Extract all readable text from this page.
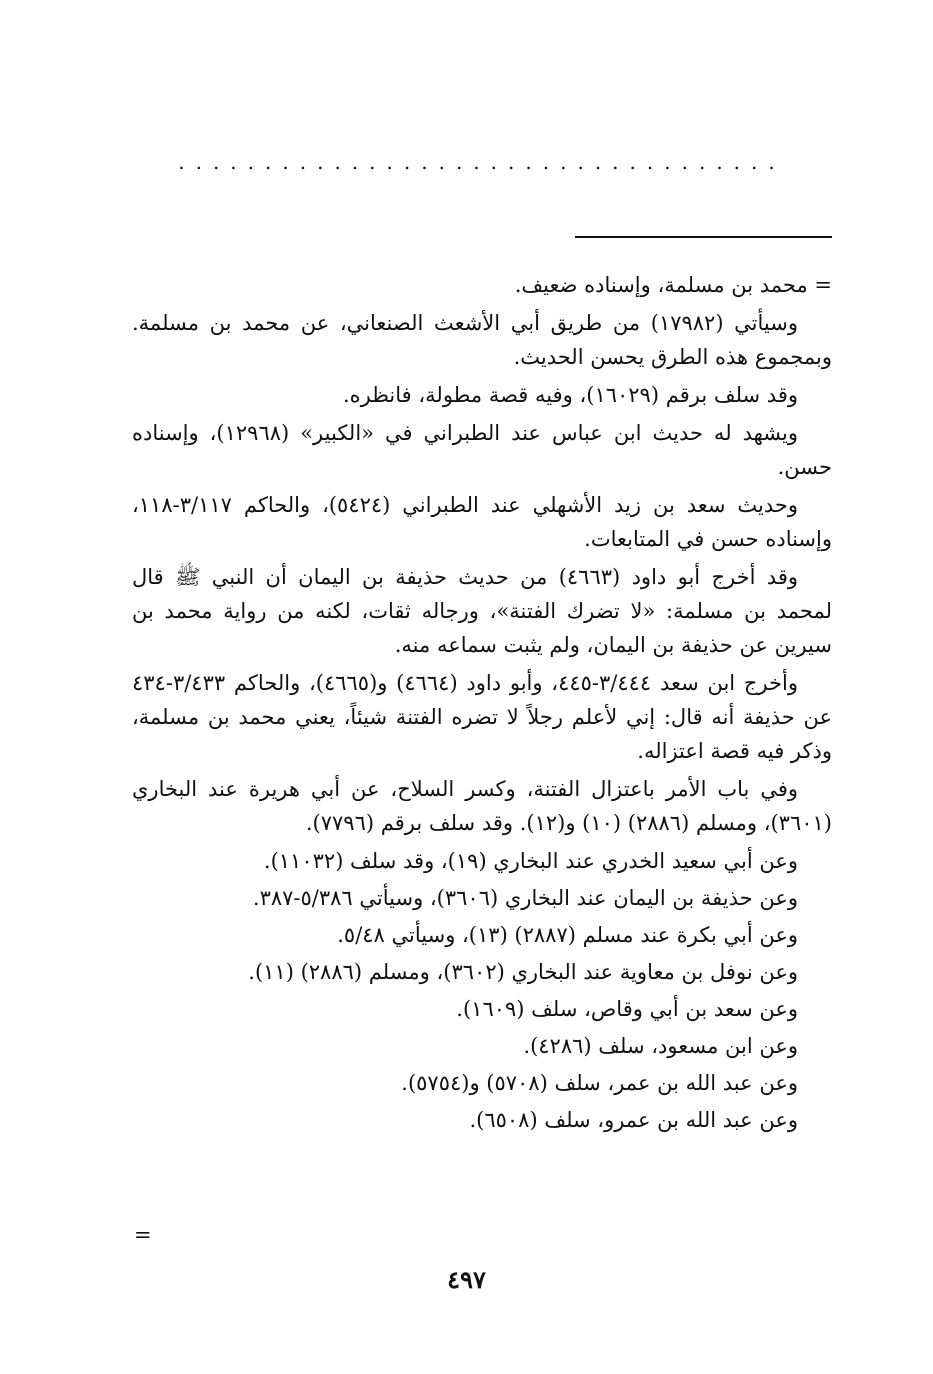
...................................

= محمد بن مسلمة، وإسناده ضعيف.

وسيأتي (١٧٩٨٢) من طريق أبي الأشعث الصنعاني، عن محمد بن مسلمة. وبمجموع هذه الطرق يحسن الحديث.

وقد سلف برقم (١٦٠٢٩)، وفيه قصة مطولة، فانظره.

ويشهد له حديث ابن عباس عند الطبراني في «الكبير» (١٢٩٦٨)، وإسناده حسن.

وحديث سعد بن زيد الأشهلي عند الطبراني (٥٤٢٤)، والحاكم ٣/١١٧-١١٨، وإسناده حسن في المتابعات.

وقد أخرج أبو داود (٤٦٦٣) من حديث حذيفة بن اليمان أن النبي ﷺ قال لمحمد بن مسلمة: «لا تضرك الفتنة»، ورجاله ثقات، لكنه من رواية محمد بن سيرين عن حذيفة بن اليمان، ولم يثبت سماعه منه.

وأخرج ابن سعد ٣/٤٤٤-٤٤٥، وأبو داود (٤٦٦٤) و(٤٦٦٥)، والحاكم ٣/٤٣٣-٤٣٤ عن حذيفة أنه قال: إني لأعلم رجلاً لا تضره الفتنة شيئاً، يعني محمد بن مسلمة، وذكر فيه قصة اعتزاله.

وفي باب الأمر باعتزال الفتنة، وكسر السلاح، عن أبي هريرة عند البخاري (٣٦٠١)، ومسلم (٢٨٨٦) (١٠) و(١٢). وقد سلف برقم (٧٧٩٦).

وعن أبي سعيد الخدري عند البخاري (١٩)، وقد سلف (١١٠٣٢).

وعن حذيفة بن اليمان عند البخاري (٣٦٠٦)، وسيأتي ٥/٣٨٦-٣٨٧.

وعن أبي بكرة عند مسلم (٢٨٨٧) (١٣)، وسيأتي ٥/٤٨.

وعن نوفل بن معاوية عند البخاري (٣٦٠٢)، ومسلم (٢٨٨٦) (١١).

وعن سعد بن أبي وقاص، سلف (١٦٠٩).

وعن ابن مسعود، سلف (٤٢٨٦).

وعن عبد الله بن عمر، سلف (٥٧٠٨) و(٥٧٥٤).

وعن عبد الله بن عمرو، سلف (٦٥٠٨).

=
٤٩٧
